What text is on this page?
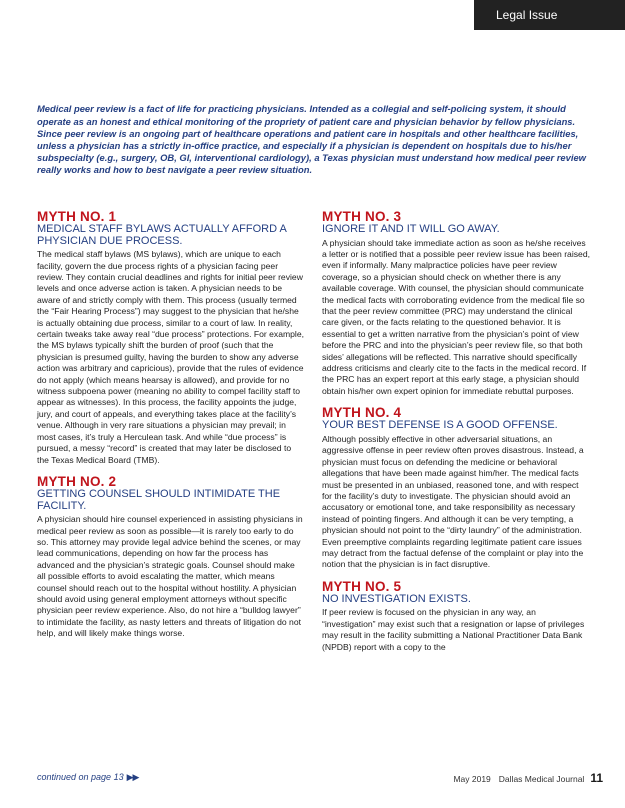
Legal Issue

Medical peer review is a fact of life for practicing physicians. Intended as a collegial and self-policing system, it should operate as an honest and ethical monitoring of the propriety of patient care and physician behavior by fellow physicians. Since peer review is an ongoing part of healthcare operations and patient care in hospitals and other healthcare facilities, unless a physician has a strictly in-office practice, and especially if a physician is dependent on hospitals due to his/her subspecialty (e.g., surgery, OB, GI, interventional cardiology), a Texas physician must understand how medical peer review really works and how to best navigate a peer review situation.

MYTH NO. 1

MEDICAL STAFF BYLAWS ACTUALLY AFFORD A PHYSICIAN DUE PROCESS.

The medical staff bylaws (MS bylaws), which are unique to each facility, govern the due process rights of a physician facing peer review. They contain crucial deadlines and rights for initial peer review levels and once adverse action is taken. A physician needs to be aware of and strictly comply with them. This process (usually termed the “Fair Hearing Process”) may suggest to the physician that he/she is actually obtaining due process, similar to a court of law. In reality, certain tweaks take away real “due process” protections. For example, the MS bylaws typically shift the burden of proof (such that the physician is presumed guilty, having the burden to show any adverse action was arbitrary and capricious), provide that the rules of evidence do not apply (which means hearsay is allowed), and provide for no witness subpoena power (meaning no ability to compel facility staff to appear as witnesses). In this process, the facility appoints the judge, jury, and court of appeals, and everything takes place at the facility’s venue. Although in very rare situations a physician may prevail; in most cases, it’s truly a Herculean task. And while “due process” is pursued, a messy “record” is created that may later be disclosed to the Texas Medical Board (TMB).

MYTH NO. 2

GETTING COUNSEL SHOULD INTIMIDATE THE FACILITY.

A physician should hire counsel experienced in assisting physicians in medical peer review as soon as possible—it is rarely too early to do so. This attorney may provide legal advice behind the scenes, or may lead communications, depending on how far the process has advanced and the physician’s strategic goals. Counsel should make all possible efforts to avoid escalating the matter, which means counsel should reach out to the hospital without hostility. A physician should avoid using general employment attorneys without specific physician peer review experience. Also, do not hire a “bulldog lawyer” to intimidate the facility, as nasty letters and threats of litigation do not help, and will likely make things worse.

MYTH NO. 3

IGNORE IT AND IT WILL GO AWAY.

A physician should take immediate action as soon as he/she receives a letter or is notified that a possible peer review issue has been raised, even if informally. Many malpractice policies have peer review coverage, so a physician should check on whether there is any available coverage. With counsel, the physician should communicate the medical facts with corroborating evidence from the medical file so that the peer review committee (PRC) may understand the clinical care given, or the facts relating to the questioned behavior. It is essential to get a written narrative from the physician’s point of view before the PRC and into the physician’s peer review file, so that both sides’ allegations will be reflected. This narrative should specifically address criticisms and clearly cite to the facts in the medical record. If the PRC has an expert report at this early stage, a physician should obtain his/her own expert opinion for immediate rebuttal purposes.

MYTH NO. 4

YOUR BEST DEFENSE IS A GOOD OFFENSE.

Although possibly effective in other adversarial situations, an aggressive offense in peer review often proves disastrous. Instead, a physician must focus on defending the medicine or behavioral allegations that have been made against him/her. The medical facts must be presented in an unbiased, reasoned tone, and with respect for the facility’s duty to investigate. The physician should avoid an accusatory or emotional tone, and take responsibility as necessary instead of pointing fingers. And although it can be very tempting, a physician should not point to the “dirty laundry” of the administration. Even preemptive complaints regarding legitimate patient care issues may detract from the factual defense of the complaint or play into the notion that the physician is in fact disruptive.

MYTH NO. 5

NO INVESTIGATION EXISTS.

If peer review is focused on the physician in any way, an “investigation” may exist such that a resignation or lapse of privileges may result in the facility submitting a National Practitioner Data Bank (NPDB) report with a copy to the

continued on page 13 ▶▶	May 2019 Dallas Medical Journal 11
